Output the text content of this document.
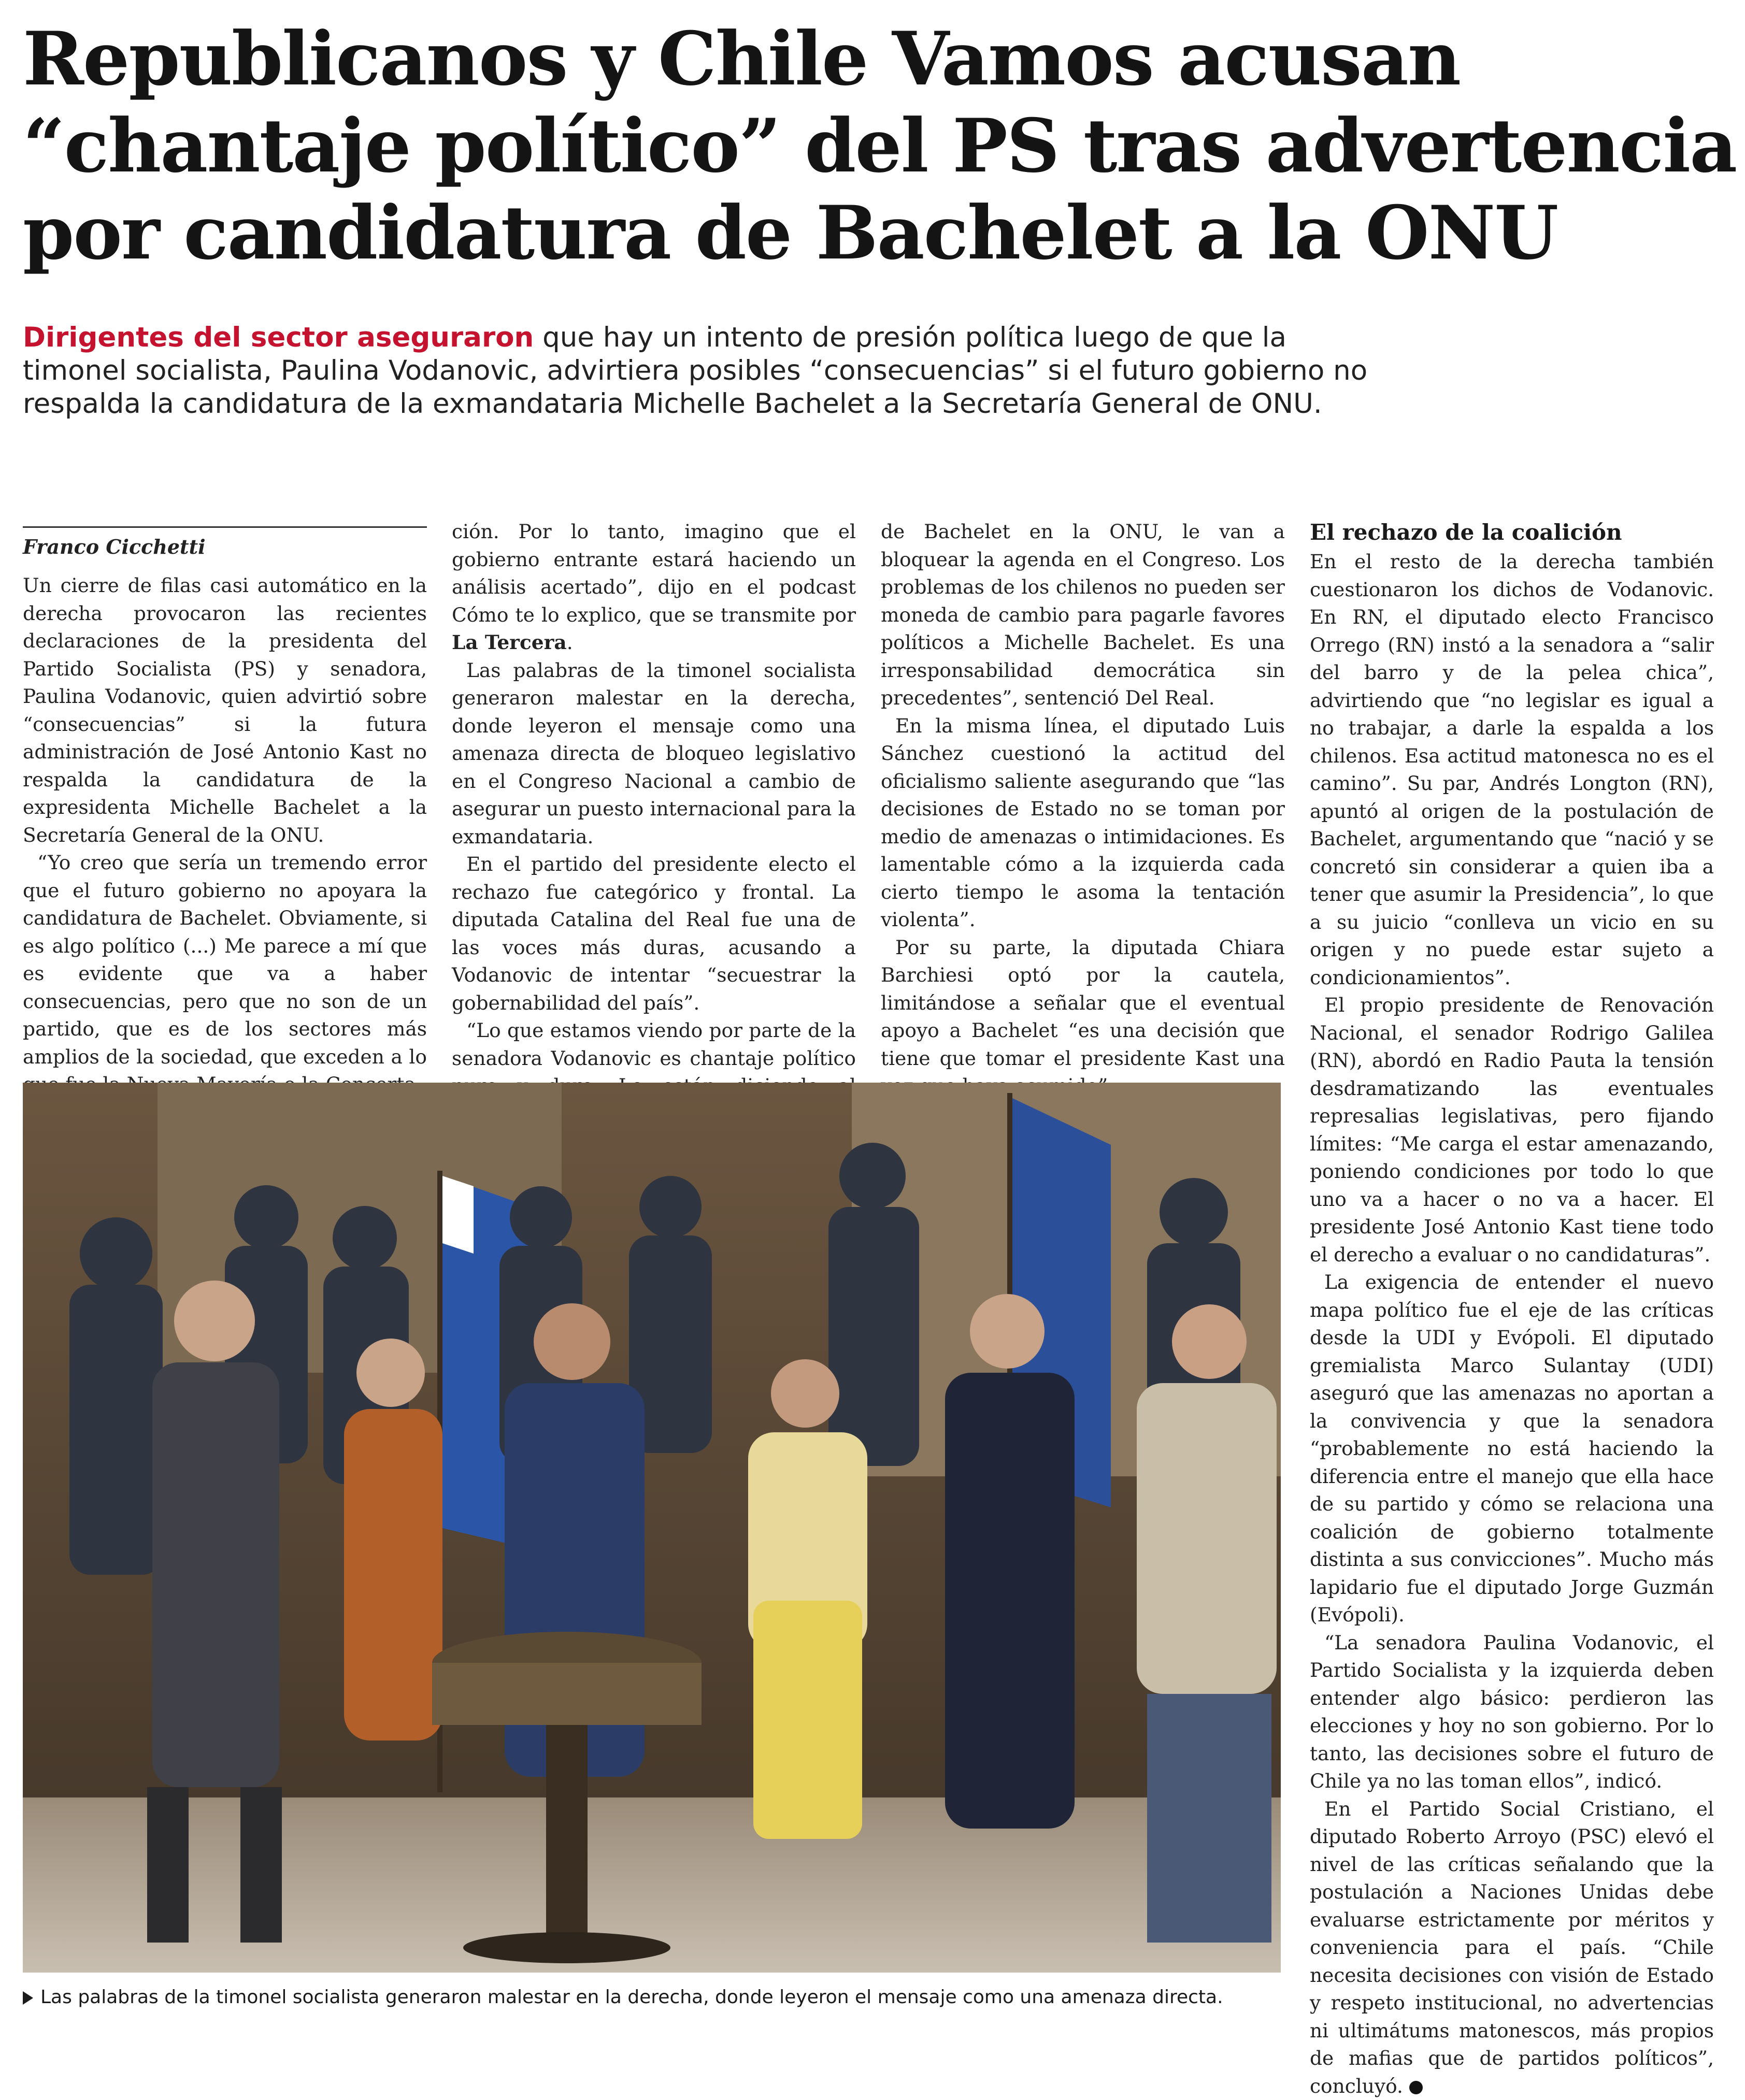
Republicanos y Chile Vamos acusan
“chantaje político” del PS tras advertencia
por candidatura de Bachelet a la ONU

Dirigentes del sector aseguraron que hay un intento de presión política luego de que la timonel socialista, Paulina Vodanovic, advirtiera posibles “consecuencias” si el futuro gobierno no respalda la candidatura de la exmandataria Michelle Bachelet a la Secretaría General de ONU.

Franco Cicchetti

Un cierre de filas casi automático en la derecha provocaron las recientes declaraciones de la presidenta del Partido Socialista (PS) y senadora, Paulina Vodanovic, quien advirtió sobre “consecuencias” si la futura administración de José Antonio Kast no respalda la candidatura de la expresidenta Michelle Bachelet a la Secretaría General de la ONU.

“Yo creo que sería un tremendo error que el futuro gobierno no apoyara la candidatura de Bachelet. Obviamente, si es algo político (...) Me parece a mí que es evidente que va a haber consecuencias, pero que no son de un partido, que es de los sectores más amplios de la sociedad, que exceden a lo

ción. Por lo tanto, imagino que el gobierno entrante estará haciendo un análisis acertado”, dijo en el podcast Cómo te lo explico, que se transmite por La Tercera.

Las palabras de la timonel socialista generaron malestar en la derecha, donde leyeron el mensaje como una amenaza directa de bloqueo legislativo en el Congreso Nacional a cambio de asegurar un puesto internacional para la exmandataria.

En el partido del presidente electo el rechazo fue categórico y frontal. La diputada Catalina del Real fue una de las voces más duras, acusando a Vodanovic de intentar “secuestrar la gobernabilidad del país”.

“Lo que estamos viendo por parte de la senadora Vodanovic es chantaje político

de Bachelet en la ONU, le van a bloquear la agenda en el Congreso. Los problemas de los chilenos no pueden ser moneda de cambio para pagarle favores políticos a Michelle Bachelet. Es una irresponsabilidad democrática sin precedentes”, sentenció Del Real.

En la misma línea, el diputado Luis Sánchez cuestionó la actitud del oficialismo saliente asegurando que “las decisiones de Estado no se toman por medio de amenazas o intimidaciones. Es lamentable cómo a la izquierda cada cierto tiempo le asoma la tentación violenta”.

Por su parte, la diputada Chiara Barchiesi optó por la cautela, limitándose a señalar que el eventual apoyo a Bachelet “es una decisión que tiene que tomar el presidente Kast una

El rechazo de la coalición

En el resto de la derecha también cuestionaron los dichos de Vodanovic. En RN, el diputado electo Francisco Orrego (RN) instó a la senadora a “salir del barro y de la pelea chica”, advirtiendo que “no legislar es igual a no trabajar, a darle la espalda a los chilenos. Esa actitud matonesca no es el camino”. Su par, Andrés Longton (RN), apuntó al origen de la postulación de Bachelet, argumentando que “nació y se concretó sin considerar a quien iba a tener que asumir la Presidencia”, lo que a su juicio “conlleva un vicio en su origen y no puede estar sujeto a condicionamientos”.

El propio presidente de Renovación Nacional, el senador Rodrigo Galilea (RN), abordó en Radio Pauta la tensión desdramatizando las eventuales represalias legislativas, pero fijando límites: “Me carga el estar amenazando, poniendo condiciones por todo lo que uno va a hacer o no va a hacer. El presidente José Antonio Kast tiene todo el derecho a evaluar o no candidaturas”.

La exigencia de entender el nuevo mapa político fue el eje de las críticas desde la UDI y Evópoli. El diputado gremialista Marco Sulantay (UDI) aseguró que las amenazas no aportan a la convivencia y que la senadora “probablemente no está haciendo la diferencia entre el manejo que ella hace de su partido y cómo se relaciona una coalición de gobierno totalmente distinta a sus convicciones”. Mucho más lapidario fue el diputado Jorge Guzmán (Evópoli).

“La senadora Paulina Vodanovic, el Partido Socialista y la izquierda deben entender algo básico: perdieron las elecciones y hoy no son gobierno. Por lo tanto, las decisiones sobre el futuro de Chile ya no las toman ellos”, indicó.

En el Partido Social Cristiano, el diputado Roberto Arroyo (PSC) elevó el nivel de las críticas señalando que la postulación a Naciones Unidas debe evaluarse estrictamente por méritos y conveniencia para el país. “Chile necesita decisiones con visión de Estado y respeto institucional, no advertencias ni ultimátums matonescos, más propios de mafias que de partidos políticos”, concluyó.

Las palabras de la timonel socialista generaron malestar en la derecha, donde leyeron el mensaje como una amenaza directa.
